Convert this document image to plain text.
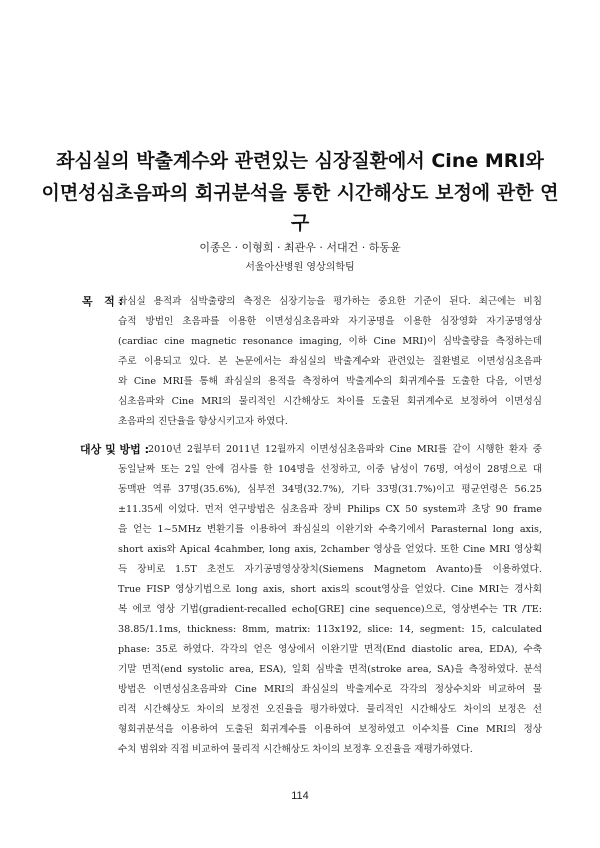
좌심실의 박출계수와 관련있는 심장질환에서 Cine MRI와
이면성심초음파의 회귀분석을 통한 시간해상도 보정에 관한 연구
이종은 · 이형희 · 최관우 · 서대건 · 하동윤
서울아산병원 영상의학팀
목   적 :
좌심실 용적과 심박출량의 측정은 심장기능을 평가하는 중요한 기준이 된다. 최근에는 비침
습적 방법인 초음파를 이용한 이면성심초음파와 자기공명을 이용한 심장영화 자기공명영상
(cardiac cine magnetic resonance imaging, 이하 Cine MRI)이 심박출량을 측정하는데
주로 이용되고 있다. 본 논문에서는 좌심실의 박출계수와 관련있는 질환별로 이면성심초음파
와 Cine MRI를 통해 좌심실의 용적을 측정하여 박출계수의 회귀계수를 도출한 다음, 이면성
심초음파와 Cine MRI의 물리적인 시간해상도 차이를 도출된 회귀계수로 보정하여 이면성심
초음파의 진단율을 향상시키고자 하였다.
대상 및 방법 :
2010년 2월부터 2011년 12월까지 이면성심초음파와 Cine MRI를 같이 시행한 환자 중
동일날짜 또는 2일 안에 검사를 한 104명을 선정하고, 이중 남성이 76명, 여성이 28명으로 대
동맥판 역류 37명(35.6%), 심부전 34명(32.7%), 기타 33명(31.7%)이고 평균연령은 56.25
±11.35세 이었다. 먼저 연구방법은 심초음파 장비 Philips CX 50 system과 초당 90 frame
을 얻는 1~5MHz 변환기를 이용하여 좌심실의 이완기와 수축기에서 Parasternal long axis,
short axis와 Apical 4cahmber, long axis, 2chamber 영상을 얻었다. 또한 Cine MRI 영상획
득 장비로 1.5T 초전도 자기공명영상장치(Siemens Magnetom Avanto)를 이용하였다.
True FISP 영상기법으로 long axis, short axis의 scout영상을 얻었다. Cine MRI는 경사회
복 에코 영상 기법(gradient-recalled echo[GRE] cine sequence)으로, 영상변수는 TR /TE:
38.85/1.1ms, thickness: 8mm, matrix: 113x192, slice: 14, segment: 15, calculated
phase: 35로 하였다. 각각의 얻은 영상에서 이완기말 면적(End diastolic area, EDA), 수축
기말 면적(end systolic area, ESA), 일회 심박출 면적(stroke area, SA)을 측정하였다. 분석
방법은 이면성심초음파와 Cine MRI의 좌심실의 박출계수로 각각의 정상수치와 비교하여 물
리적 시간해상도 차이의 보정전 오진율을 평가하였다. 물리적인 시간해상도 차이의 보정은 선
형회귀분석을 이용하여 도출된 회귀계수를 이용하여 보정하였고 이수치를 Cine MRI의 정상
수치 범위와 직접 비교하여 물리적 시간해상도 차이의 보정후 오진율을 재평가하였다.
114
